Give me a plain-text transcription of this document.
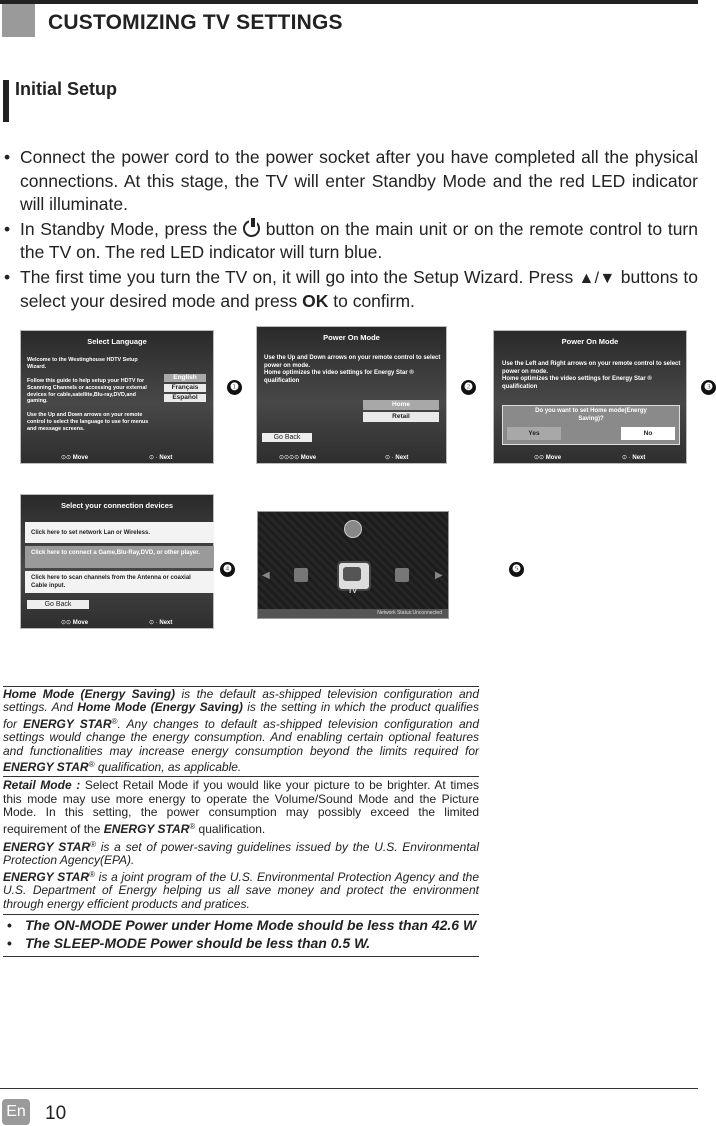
CUSTOMIZING TV SETTINGS
Initial Setup
• Connect the power cord to the power socket after you have completed all the physical connections. At this stage, the TV will enter Standby Mode and the red LED indicator will illuminate.
• In Standby Mode, press the button on the main unit or on the remote control to turn the TV on. The red LED indicator will turn blue.
• The first time you turn the TV on, it will go into the Setup Wizard. Press ▲/▼ buttons to select your desired mode and press OK to confirm.
Select Language
Welcome to the Westinghouse HDTV Setup Wizard.

Follow this guide to help setup your HDTV for Scanning Channels or accessing your external devices for cable,satellite,Blu-ray,DVD,and gaming.

Use the Up and Down arrows on your remote control to select the language to use for menus and message screens.
English
Français
Español
⊙⊙ Move	⊙ · Next
❶
Power On Mode
Use the Up and Down arrows on your remote control to select power on mode.
Home optimizes the video settings for Energy Star ® qualification
Home
Retail
Go Back
⊙⊙⊙⊙ Move	⊙ · Next
❷
Power On Mode
Use the Left and Right arrows on your remote control to select power on mode.
Home optimizes the video settings for Energy Star ® qualification
Do you want to set Home mode(Energy Saving)?
Yes	No
⊙⊙ Move	⊙ · Next
❸
Select your connection devices
Click here to set network Lan or Wireless.
Click here to connect a Game,Blu-Ray,DVD, or other player.
Click here to scan channels from the Antenna or coaxial Cable input.
Go Back
⊙⊙ Move	⊙ · Next
❹
◀	▶
TV
Network Status:Unconnected
❺
Home Mode (Energy Saving) is the default as-shipped television configuration and settings. And Home Mode (Energy Saving) is the setting in which the product qualifies for ENERGY STAR®. Any changes to default as-shipped television configuration and settings would change the energy consumption. And enabling certain optional features and functionalities may increase energy consumption beyond the limits required for ENERGY STAR® qualification, as applicable.
Retail Mode : Select Retail Mode if you would like your picture to be brighter. At times this mode may use more energy to operate the Volume/Sound Mode and the Picture Mode. In this setting, the power consumption may possibly exceed the limited requirement of the ENERGY STAR® qualification.
ENERGY STAR® is a set of power-saving guidelines issued by the U.S. Environmental Protection Agency(EPA).
ENERGY STAR® is a joint program of the U.S. Environmental Protection Agency and the U.S. Department of Energy helping us all save money and protect the environment through energy efficient products and pratices.
• The ON-MODE Power under Home Mode should be less than 42.6 W
• The SLEEP-MODE Power should be less than 0.5 W.
En 10
